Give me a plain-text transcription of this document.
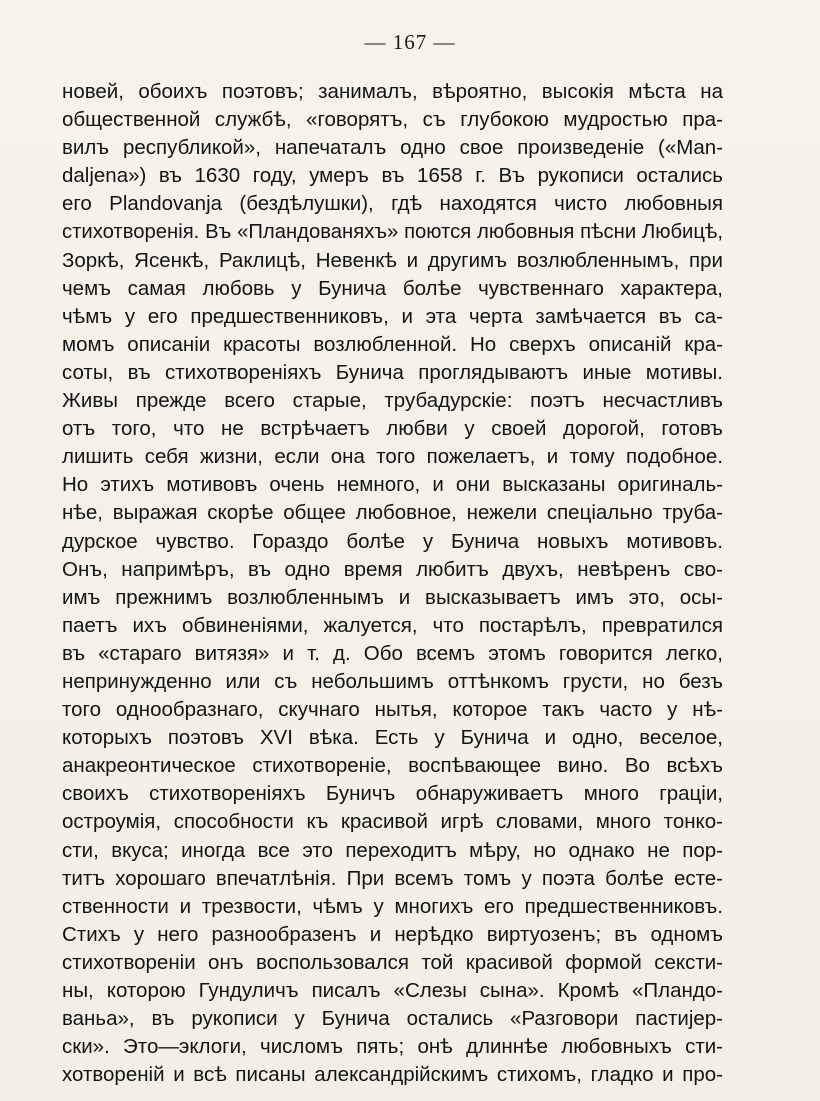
— 167 —
новей, обоихъ поэтовъ; занималъ, вѣроятно, высокія мѣста на
общественной службѣ, «говорятъ, съ глубокою мудростью пра-
вилъ республикой», напечаталъ одно свое произведеніе («Man-
daljena») въ 1630 году, умеръ въ 1658 г. Въ рукописи остались
его Plandovanja (бездѣлушки), гдѣ находятся чисто любовныя
стихотворенія. Въ «Пландованяхъ» поются любовныя пѣсни Любицѣ,
Зоркѣ, Ясенкѣ, Раклицѣ, Невенкѣ и другимъ возлюбленнымъ, при
чемъ самая любовь у Бунича болѣе чувственнаго характера,
чѣмъ у его предшественниковъ, и эта черта замѣчается въ са-
момъ описаніи красоты возлюбленной. Но сверхъ описаній кра-
соты, въ стихотвореніяхъ Бунича проглядываютъ иные мотивы.
Живы прежде всего старые, трубадурскіе: поэтъ несчастливъ
отъ того, что не встрѣчаетъ любви у своей дорогой, готовъ
лишить себя жизни, если она того пожелаетъ, и тому подобное.
Но этихъ мотивовъ очень немного, и они высказаны оригиналь-
нѣе, выражая скорѣе общее любовное, нежели спеціально труба-
дурское чувство. Гораздо болѣе у Бунича новыхъ мотивовъ.
Онъ, напримѣръ, въ одно время любитъ двухъ, невѣренъ сво-
имъ прежнимъ возлюбленнымъ и высказываетъ имъ это, осы-
паетъ ихъ обвиненіями, жалуется, что постарѣлъ, превратился
въ «стараго витязя» и т. д. Обо всемъ этомъ говорится легко,
непринужденно или съ небольшимъ оттѣнкомъ грусти, но безъ
того однообразнаго, скучнаго нытья, которое такъ часто у нѣ-
которыхъ поэтовъ XVI вѣка. Есть у Бунича и одно, веселое,
анакреонтическое стихотвореніе, воспѣвающее вино. Во всѣхъ
своихъ стихотвореніяхъ Буничъ обнаруживаетъ много граціи,
остроумія, способности къ красивой игрѣ словами, много тонко-
сти, вкуса; иногда все это переходитъ мѣру, но однако не пор-
титъ хорошаго впечатлѣнія. При всемъ томъ у поэта болѣе есте-
ственности и трезвости, чѣмъ у многихъ его предшественниковъ.
Стихъ у него разнообразенъ и нерѣдко виртуозенъ; въ одномъ
стихотвореніи онъ воспользовался той красивой формой сексти-
ны, которою Гундуличъ писалъ «Слезы сына». Кромѣ «Пландо-
ваньа», въ рукописи у Бунича остались «Разговори пастијер-
ски». Это—эклоги, числомъ пять; онѣ длиннѣе любовныхъ сти-
хотвореній и всѣ писаны александрійскимъ стихомъ, гладко и про-
